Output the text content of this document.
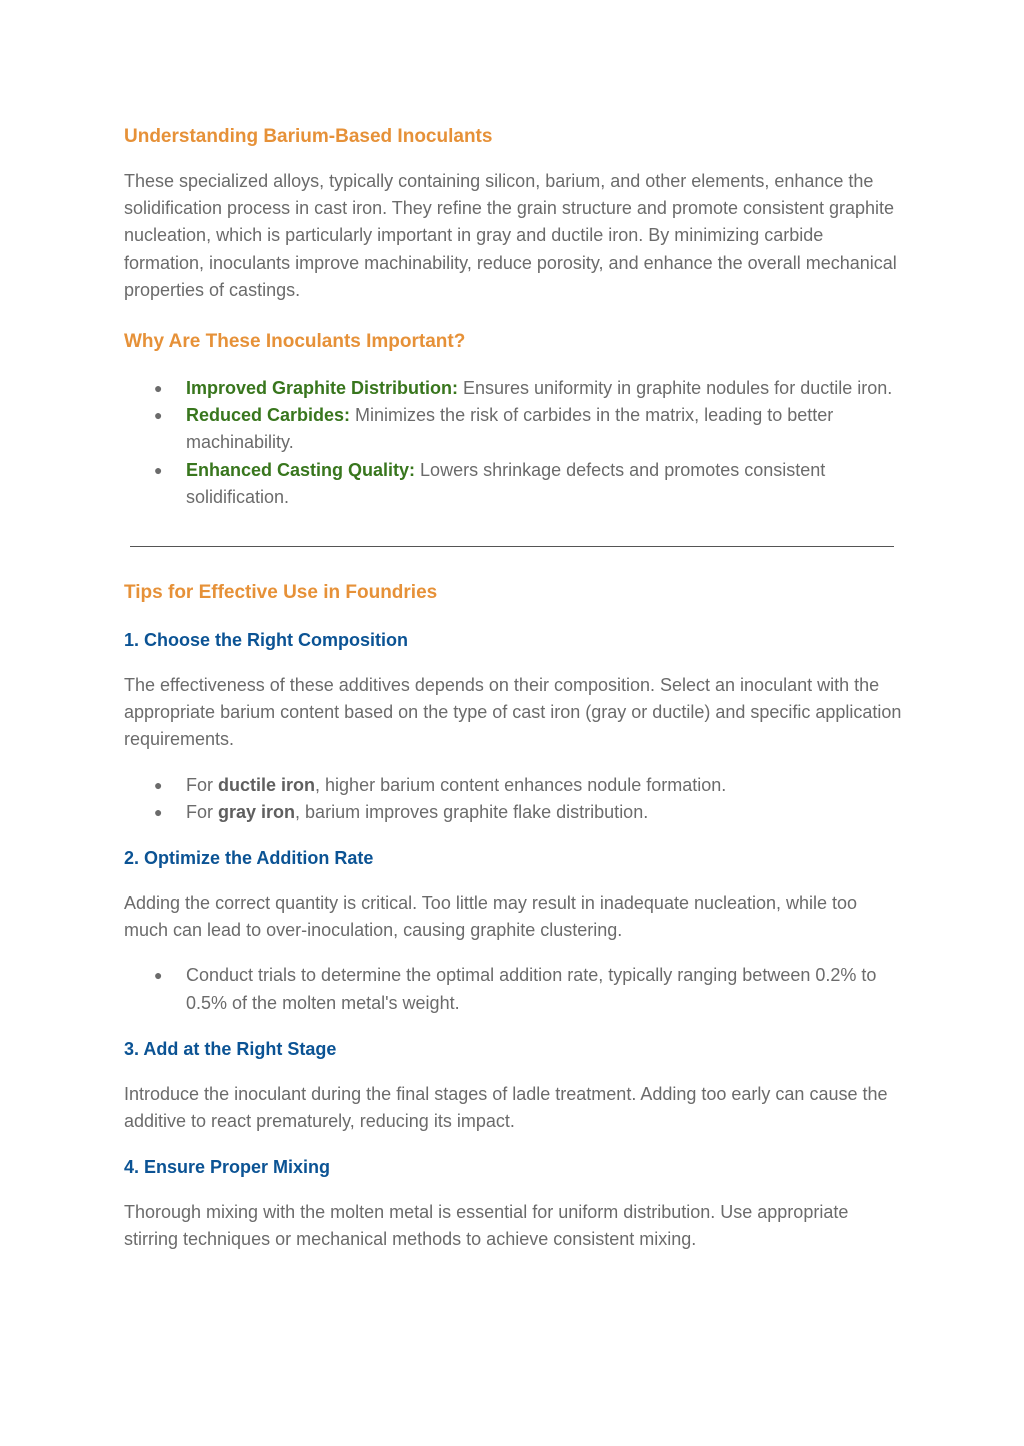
Understanding Barium-Based Inoculants

These specialized alloys, typically containing silicon, barium, and other elements, enhance the solidification process in cast iron. They refine the grain structure and promote consistent graphite nucleation, which is particularly important in gray and ductile iron. By minimizing carbide formation, inoculants improve machinability, reduce porosity, and enhance the overall mechanical properties of castings.

Why Are These Inoculants Important?
● Improved Graphite Distribution: Ensures uniformity in graphite nodules for ductile iron.
● Reduced Carbides: Minimizes the risk of carbides in the matrix, leading to better machinability.
● Enhanced Casting Quality: Lowers shrinkage defects and promotes consistent solidification.
Tips for Effective Use in Foundries
1. Choose the Right Composition

The effectiveness of these additives depends on their composition. Select an inoculant with the appropriate barium content based on the type of cast iron (gray or ductile) and specific application requirements.

● For ductile iron, higher barium content enhances nodule formation.
● For gray iron, barium improves graphite flake distribution.
2. Optimize the Addition Rate

Adding the correct quantity is critical. Too little may result in inadequate nucleation, while too much can lead to over-inoculation, causing graphite clustering.

● Conduct trials to determine the optimal addition rate, typically ranging between 0.2% to 0.5% of the molten metal's weight.
3. Add at the Right Stage

Introduce the inoculant during the final stages of ladle treatment. Adding too early can cause the additive to react prematurely, reducing its impact.

4. Ensure Proper Mixing

Thorough mixing with the molten metal is essential for uniform distribution. Use appropriate stirring techniques or mechanical methods to achieve consistent mixing.
